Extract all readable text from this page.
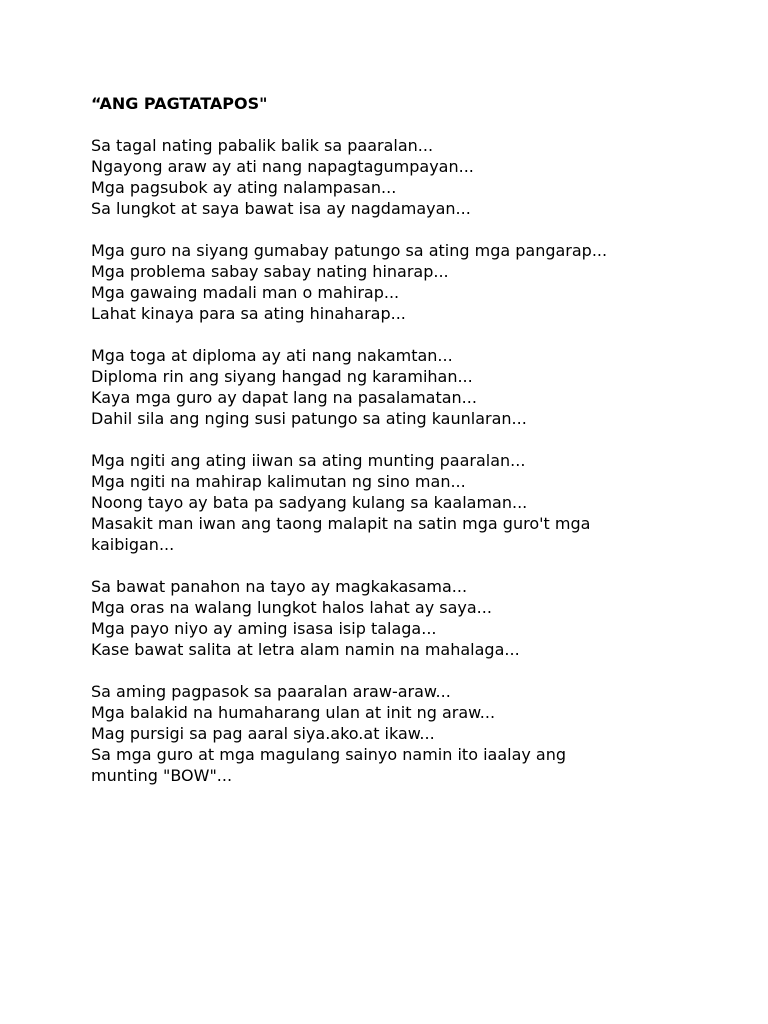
“ANG PAGTATAPOS"
Sa tagal nating pabalik balik sa paaralan...
Ngayong araw ay ati nang napagtagumpayan...
Mga pagsubok ay ating nalampasan...
Sa lungkot at saya bawat isa ay nagdamayan...
Mga guro na siyang gumabay patungo sa ating mga pangarap...
Mga problema sabay sabay nating hinarap...
Mga gawaing madali man o mahirap...
Lahat kinaya para sa ating hinaharap...
Mga toga at diploma ay ati nang nakamtan...
Diploma rin ang siyang hangad ng karamihan...
Kaya mga guro ay dapat lang na pasalamatan...
Dahil sila ang nging susi patungo sa ating kaunlaran...
Mga ngiti ang ating iiwan sa ating munting paaralan...
Mga ngiti na mahirap kalimutan ng sino man...
Noong tayo ay bata pa sadyang kulang sa kaalaman...
Masakit man iwan ang taong malapit na satin mga guro't mga
kaibigan...
Sa bawat panahon na tayo ay magkakasama...
Mga oras na walang lungkot halos lahat ay saya...
Mga payo niyo ay aming isasa isip talaga...
Kase bawat salita at letra alam namin na mahalaga...
Sa aming pagpasok sa paaralan araw-araw...
Mga balakid na humaharang ulan at init ng araw...
Mag pursigi sa pag aaral siya.ako.at ikaw...
Sa mga guro at mga magulang sainyo namin ito iaalay ang
munting "BOW"...
